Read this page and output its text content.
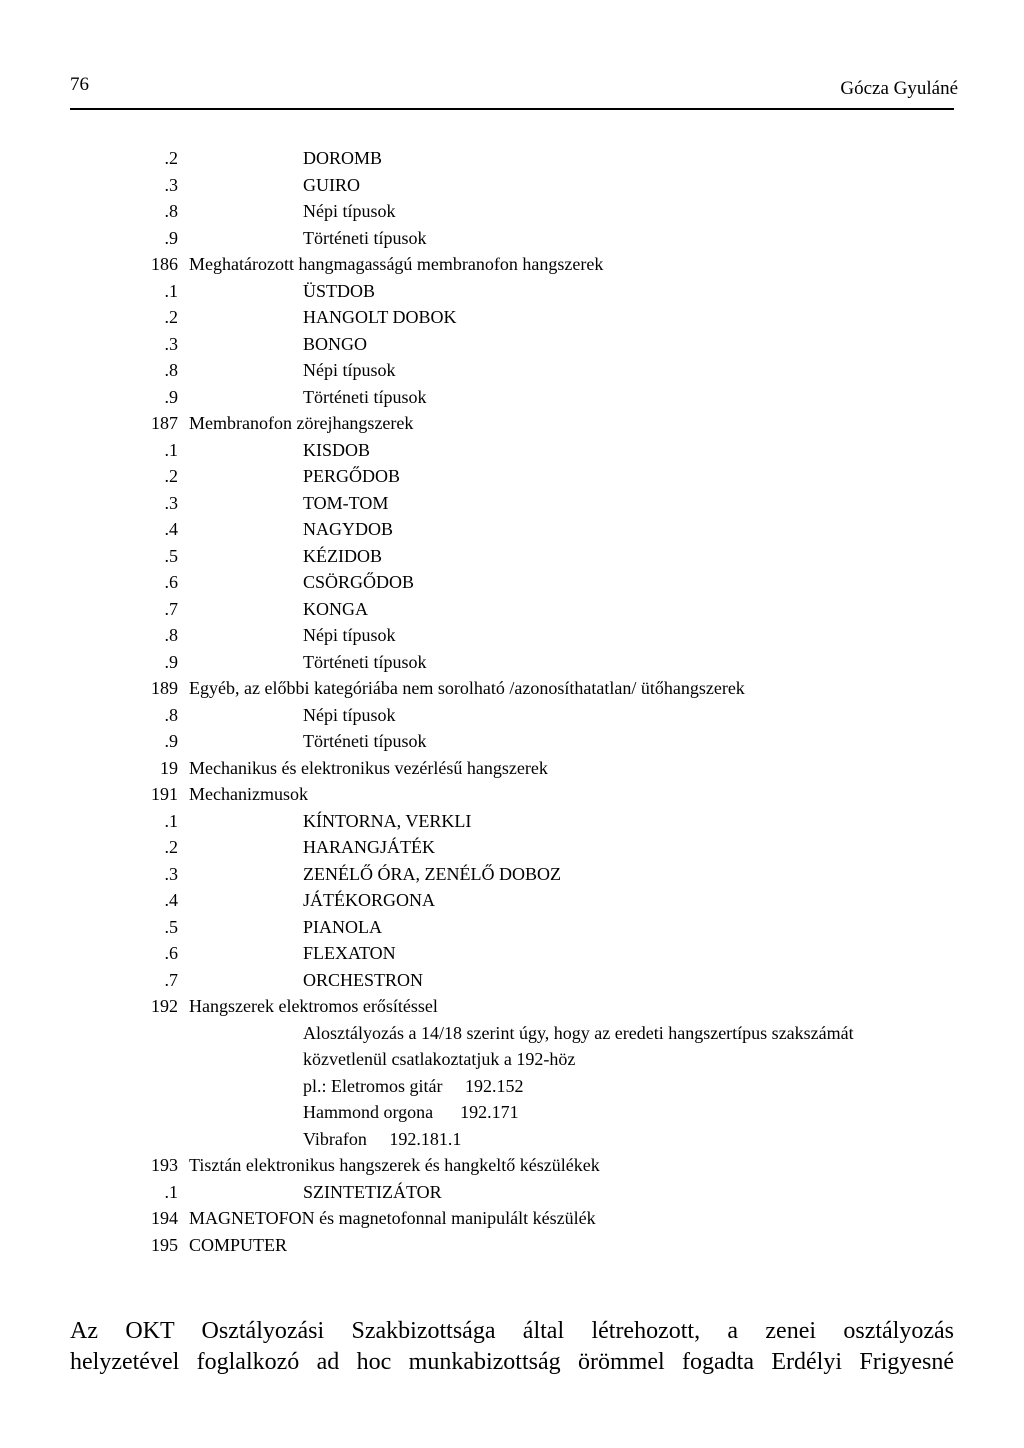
76	Gócza Gyuláné
.2	DOROMB
.3	GUIRO
.8	Népi típusok
.9	Történeti típusok
186 Meghatározott hangmagasságú membranofon hangszerek
.1	ÜSTDOB
.2	HANGOLT DOBOK
.3	BONGO
.8	Népi típusok
.9	Történeti típusok
187 Membranofon zörejhangszerek
.1	KISDOB
.2	PERGŐDOB
.3	TOM-TOM
.4	NAGYDOB
.5	KÉZIDOB
.6	CSÖRGŐDOB
.7	KONGA
.8	Népi típusok
.9	Történeti típusok
189 Egyéb, az előbbi kategóriába nem sorolható /azonosíthatatlan/ ütőhangszerek
.8	Népi típusok
.9	Történeti típusok
19 Mechanikus és elektronikus vezérlésű hangszerek
191 Mechanizmusok
.1	KÍNTORNA, VERKLI
.2	HARANGJÁTÉK
.3	ZENÉLŐ ÓRA, ZENÉLŐ DOBOZ
.4	JÁTÉKORGONA
.5	PIANOLA
.6	FLEXATON
.7	ORCHESTRON
192 Hangszerek elektromos erősítéssel
Alosztályozás a 14/18 szerint úgy, hogy az eredeti hangszertípus szakszámát
közvetlenül csatlakoztatjuk a 192-höz
pl.: Eletromos gitár     192.152
Hammond orgona      192.171
Vibrafon     192.181.1
193 Tisztán elektronikus hangszerek és hangkeltő készülékek
.1	SZINTETIZÁTOR
194 MAGNETOFON és magnetofonnal manipulált készülék
195 COMPUTER

Az OKT Osztályozási Szakbizottsága által létrehozott, a zenei osztályozás

helyzetével foglalkozó ad hoc munkabizottság örömmel fogadta Erdélyi Frigyesné
